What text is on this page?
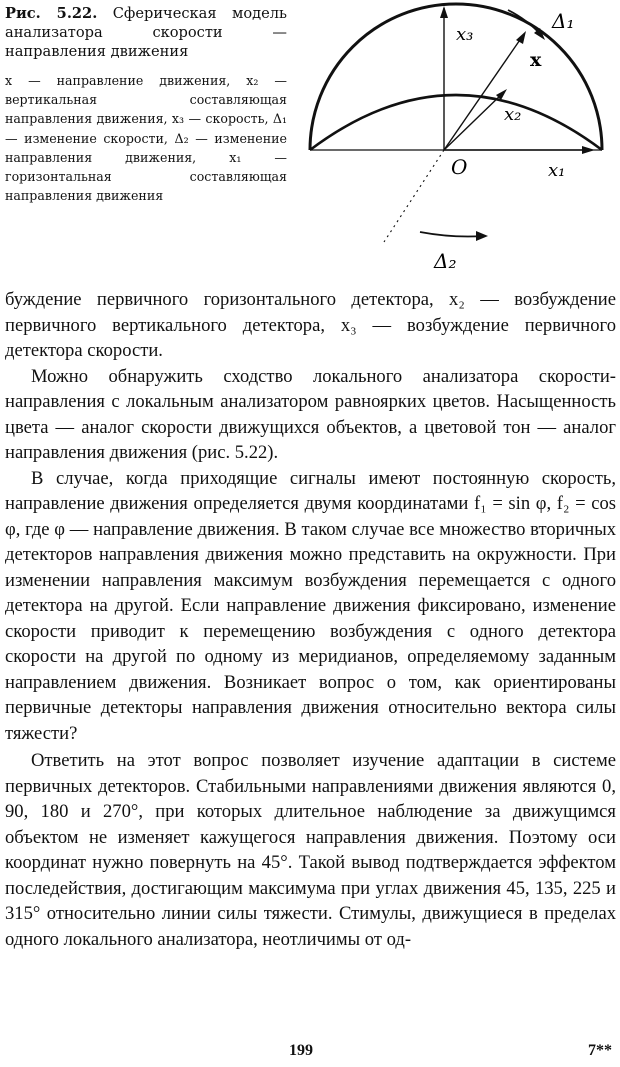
Рис. 5.22. Сферическая модель анализатора скорости — направления движения
x — направление движения, x₂ — вертикальная составляющая направления движения, x₃ — скорость, Δ₁ — изменение скорости, Δ₂ — изменение направления движения, x₁ — горизонтальная составляющая направления движения
x₃
x
x₂
O	x₁
Δ₁
Δ₂

буждение первичного горизонтального детектора, x₂ — возбуждение первичного вертикального детектора, x₃ — возбуждение первичного детектора скорости.

Можно обнаружить сходство локального анализатора скорости-направления с локальным анализатором равноярких цветов. Насыщенность цвета — аналог скорости движущихся объектов, а цветовой тон — аналог направления движения (рис. 5.22).

В случае, когда приходящие сигналы имеют постоянную скорость, направление движения определяется двумя координатами f₁ = sin φ, f₂ = cos φ, где φ — направление движения. В таком случае все множество вторичных детекторов направления движения можно представить на окружности. При изменении направления максимум возбуждения перемещается с одного детектора на другой. Если направление движения фиксировано, изменение скорости приводит к перемещению возбуждения с одного детектора скорости на другой по одному из меридианов, определяемому заданным направлением движения. Возникает вопрос о том, как ориентированы первичные детекторы направления движения относительно вектора силы тяжести?

Ответить на этот вопрос позволяет изучение адаптации в системе первичных детекторов. Стабильными направлениями движения являются 0, 90, 180 и 270°, при которых длительное наблюдение за движущимся объектом не изменяет кажущегося направления движения. Поэтому оси координат нужно повернуть на 45°. Такой вывод подтверждается эффектом последействия, достигающим максимума при углах движения 45, 135, 225 и 315° относительно линии силы тяжести. Стимулы, движущиеся в пределах одного локального анализатора, неотличимы от од-

199	7**
